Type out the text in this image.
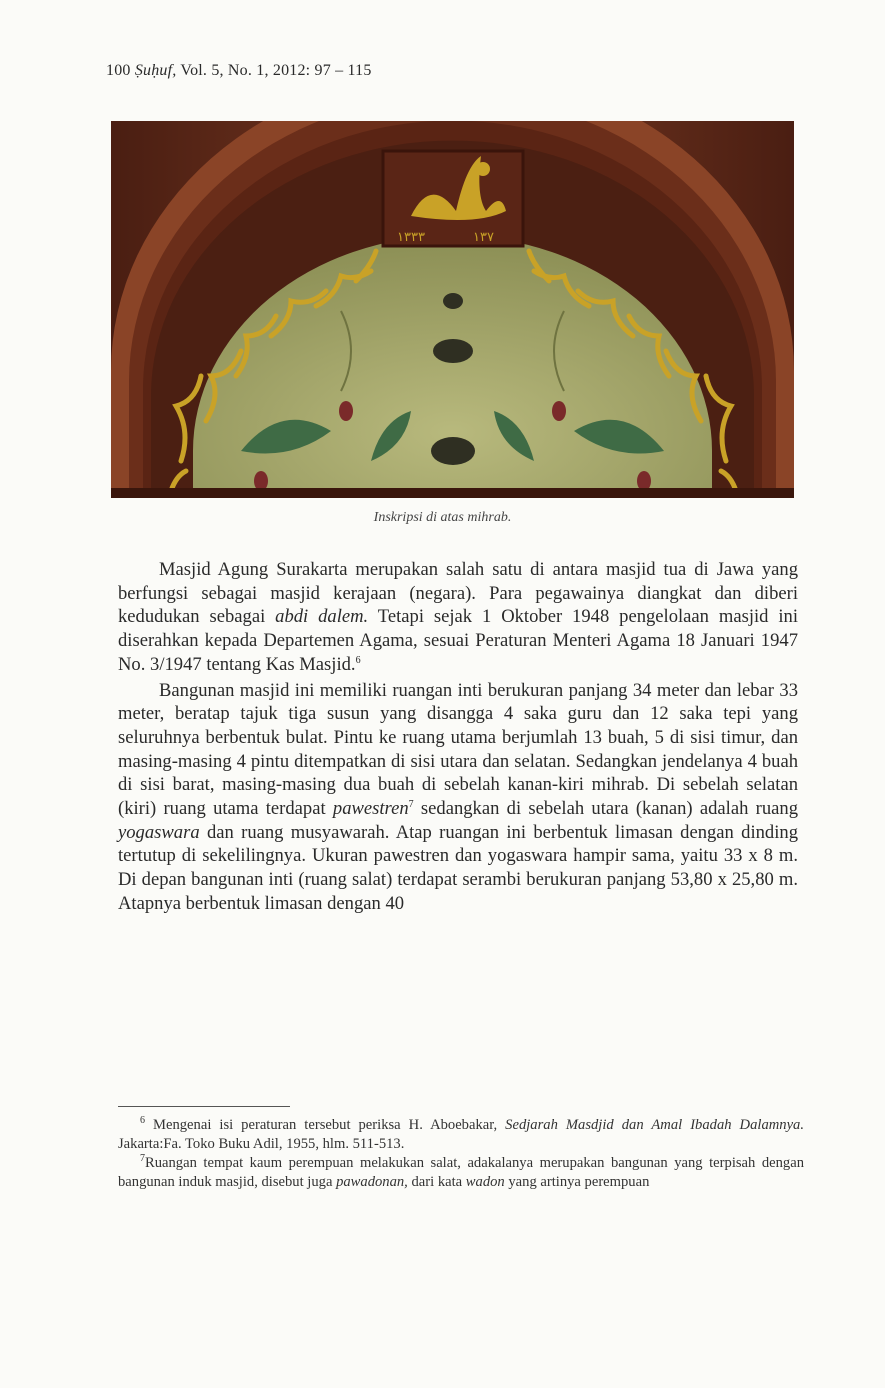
100 Ṣuḥuf, Vol. 5, No. 1, 2012: 97 – 115
١٣٣٣	١٣٧
Inskripsi di atas mihrab.

Masjid Agung Surakarta merupakan salah satu di antara masjid tua di Jawa yang berfungsi sebagai masjid kerajaan (negara). Para pegawainya diangkat dan diberi kedudukan sebagai abdi dalem. Tetapi sejak 1 Oktober 1948 pengelolaan masjid ini diserahkan kepada Departemen Agama, sesuai Peraturan Menteri Agama 18 Januari 1947 No. 3/1947 tentang Kas Masjid.$^6$

Bangunan masjid ini memiliki ruangan inti berukuran panjang 34 meter dan lebar 33 meter, beratap tajuk tiga susun yang disangga 4 saka guru dan 12 saka tepi yang seluruhnya berbentuk bulat. Pintu ke ruang utama berjumlah 13 buah, 5 di sisi timur, dan masing-masing 4 pintu ditempatkan di sisi utara dan selatan. Sedangkan jendelanya 4 buah di sisi barat, masing-masing dua buah di sebelah kanan-kiri mihrab. Di sebelah selatan (kiri) ruang utama terdapat pawestren$^7$ sedangkan di sebelah utara (kanan) adalah ruang yogaswara dan ruang musyawarah. Atap ruangan ini berbentuk limasan dengan dinding tertutup di sekelilingnya. Ukuran pawestren dan yogaswara hampir sama, yaitu 33 x 8 m. Di depan bangunan inti (ruang salat) terdapat serambi berukuran panjang 53,80 x 25,80 m. Atapnya berbentuk limasan dengan 40

$^6$ Mengenai isi peraturan tersebut periksa H. Aboebakar, Sedjarah Masdjid dan Amal Ibadah Dalamnya. Jakarta:Fa. Toko Buku Adil, 1955, hlm. 511-513.

$^7$Ruangan tempat kaum perempuan melakukan salat, adakalanya merupakan bangunan yang terpisah dengan bangunan induk masjid, disebut juga pawadonan, dari kata wadon yang artinya perempuan
